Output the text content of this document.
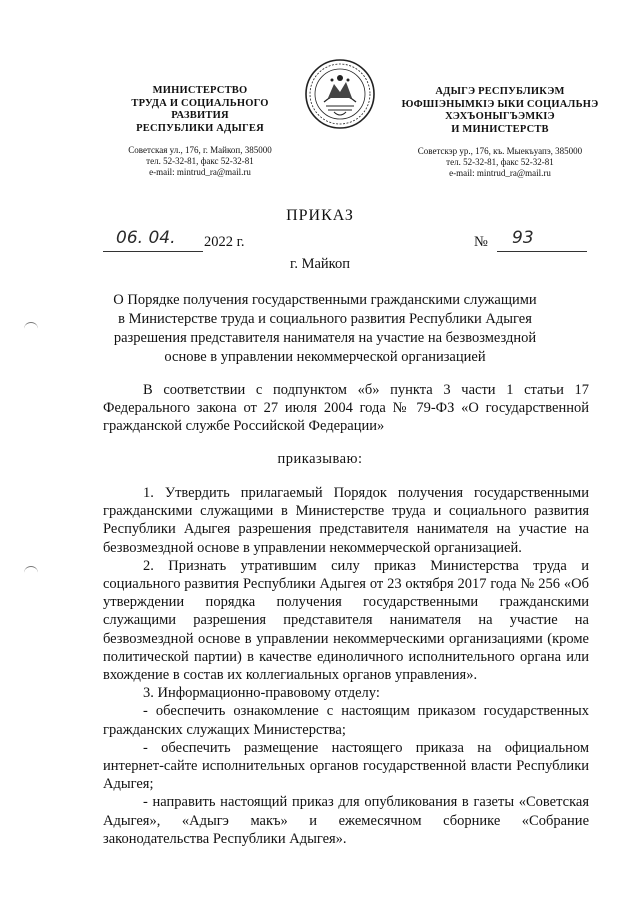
МИНИСТЕРСТВО
ТРУДА И СОЦИАЛЬНОГО
РАЗВИТИЯ
РЕСПУБЛИКИ АДЫГЕЯ
Советская ул., 176, г. Майкоп, 385000
тел. 52-32-81, факс 52-32-81
e-mail: mintrud_ra@mail.ru
АДЫГЭ РЕСПУБЛИКЭМ
ЮФШІЭНЫМКІЭ ЫКИ СОЦИАЛЬНЭ
ХЭХЪОНЫГЪЭМКІЭ
И МИНИСТЕРСТВ
Советскэр ур., 176, къ. Мыекъуапэ, 385000
тел. 52-32-81, факс 52-32-81
e-mail: mintrud_ra@mail.ru
ПРИКАЗ
06. 04. 2022 г.	№ 93
г. Майкоп
О Порядке получения государственными гражданскими служащими в Министерстве труда и социального развития Республики Адыгея разрешения представителя нанимателя на участие на безвозмездной основе в управлении некоммерческой организацией

В соответствии с подпунктом «б» пункта 3 части 1 статьи 17 Федерального закона от 27 июля 2004 года № 79-ФЗ «О государственной гражданской службе Российской Федерации»

приказываю:

1. Утвердить прилагаемый Порядок получения государственными гражданскими служащими в Министерстве труда и социального развития Республики Адыгея разрешения представителя нанимателя на участие на безвозмездной основе в управлении некоммерческой организацией.

2. Признать утратившим силу приказ Министерства труда и социального развития Республики Адыгея от 23 октября 2017 года № 256 «Об утверждении порядка получения государственными гражданскими служащими разрешения представителя нанимателя на участие на безвозмездной основе в управлении некоммерческими организациями (кроме политической партии) в качестве единоличного исполнительного органа или вхождение в состав их коллегиальных органов управления».

3. Информационно-правовому отделу:

- обеспечить ознакомление с настоящим приказом государственных гражданских служащих Министерства;

- обеспечить размещение настоящего приказа на официальном интернет-сайте исполнительных органов государственной власти Республики Адыгея;

- направить настоящий приказ для опубликования в газеты «Советская Адыгея», «Адыгэ макъ» и ежемесячном сборнике «Собрание законодательства Республики Адыгея».
